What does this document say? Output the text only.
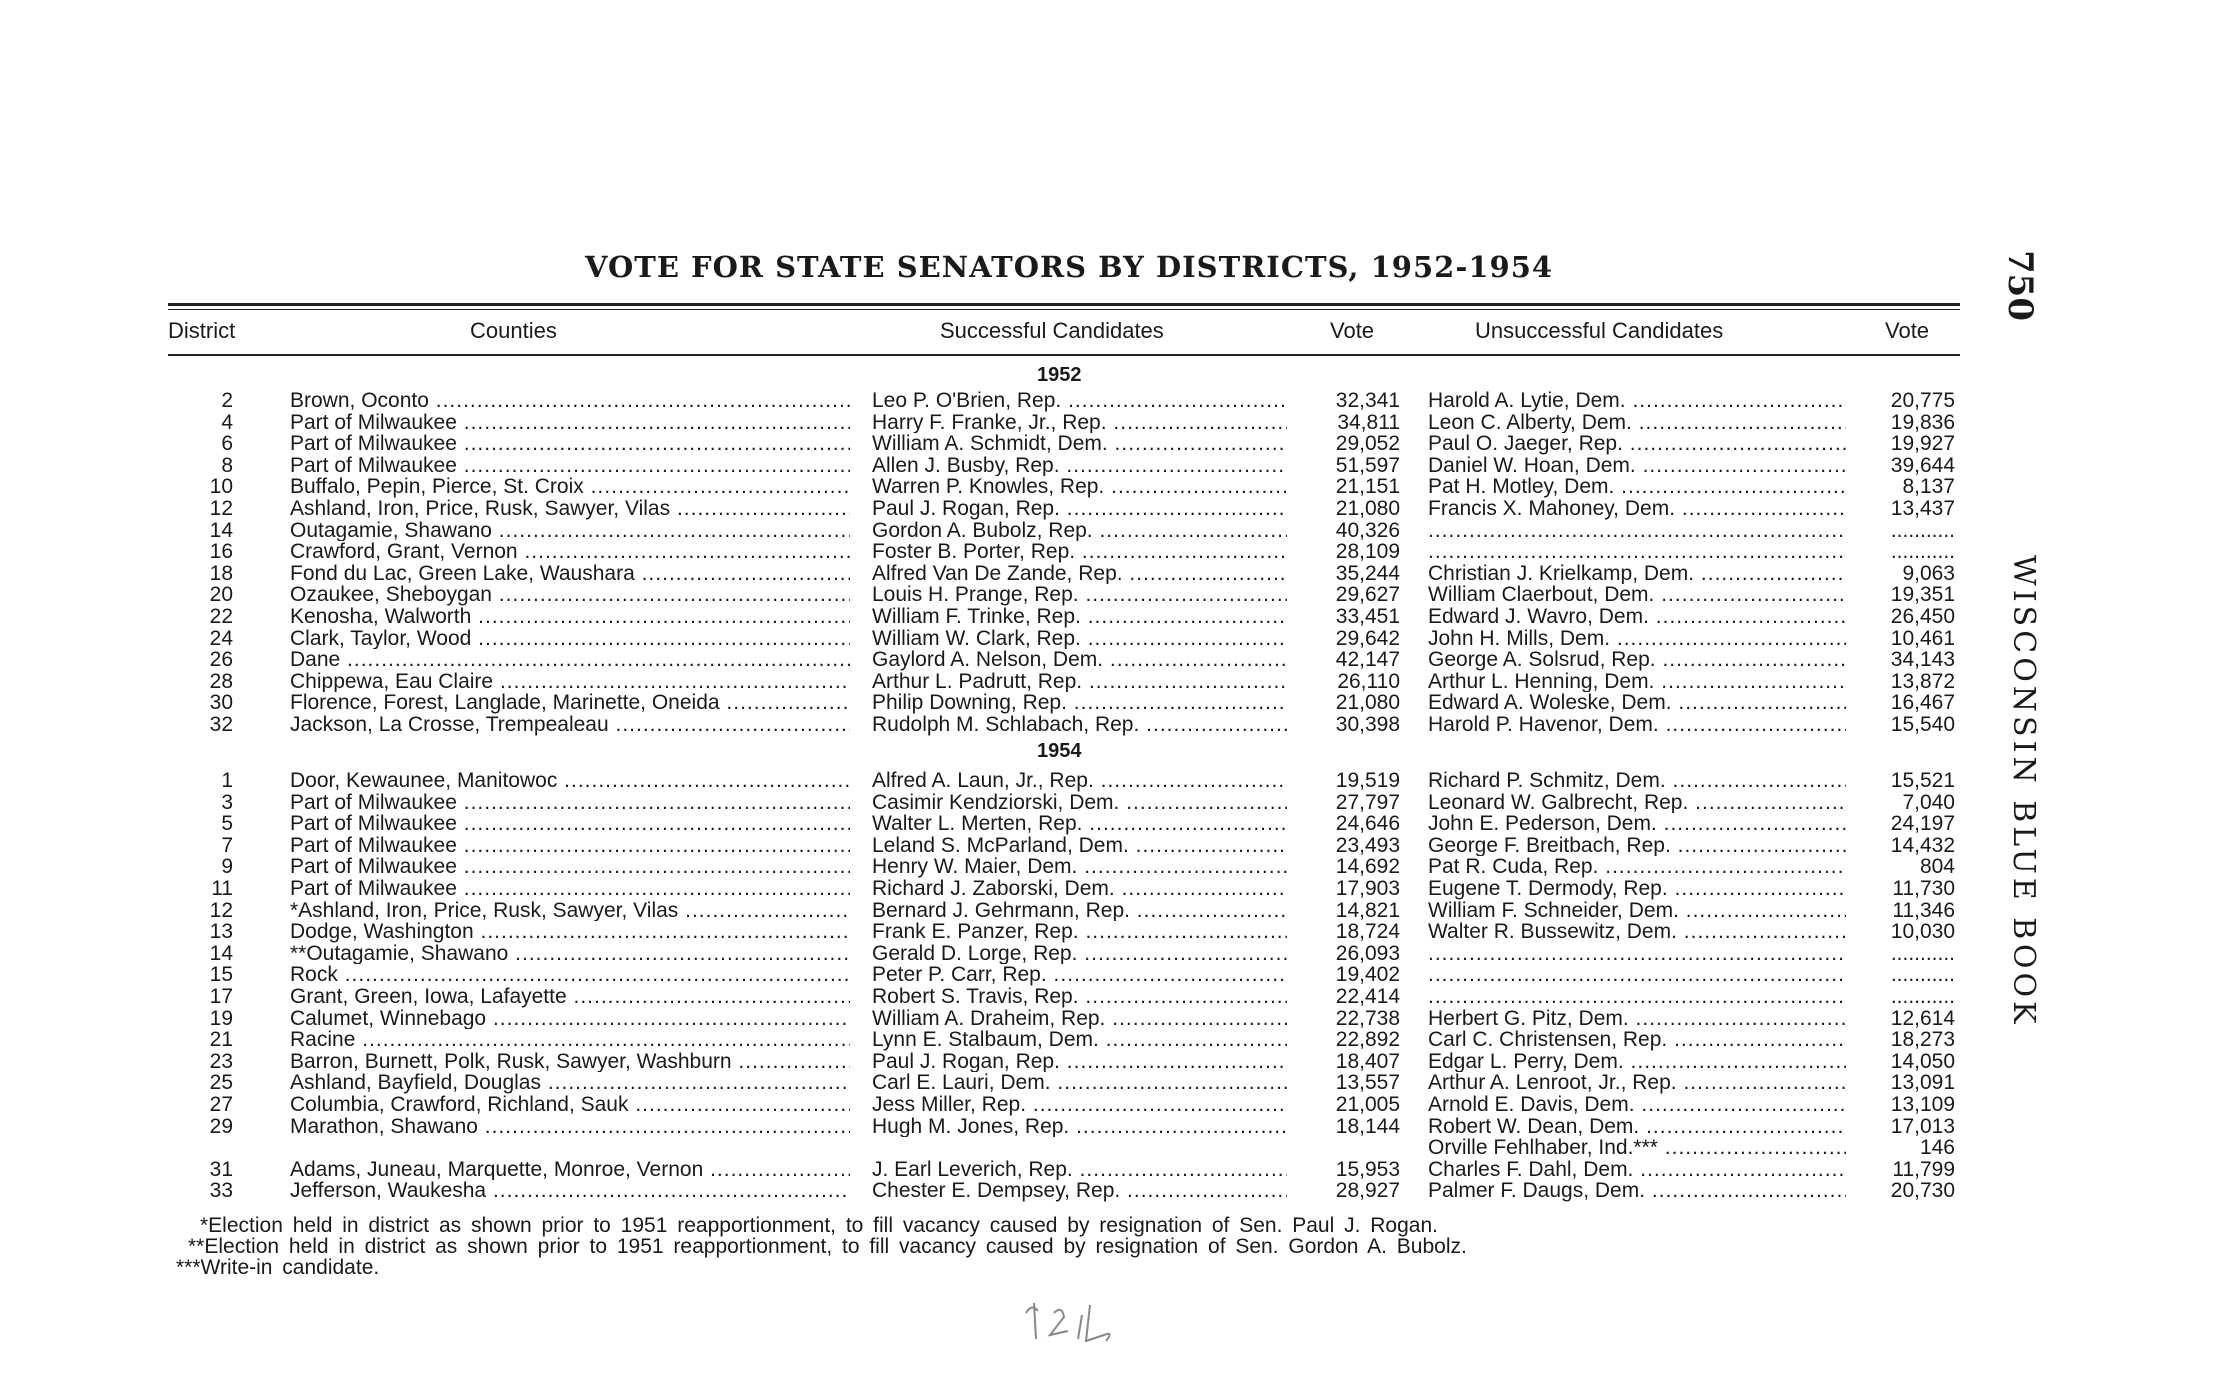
VOTE FOR STATE SENATORS BY DISTRICTS, 1952-1954	750
WISCONSIN BLUE BOOK
District	Counties	Successful Candidates	Vote	Unsuccessful Candidates	Vote
1952
2	Brown, Oconto .....	Leo P. O'Brien, Rep. .....	32,341 Harold A. Lytie, Dem. .....	20,775
4	Part of Milwaukee .....	Harry F. Franke, Jr., Rep. .....	34,811 Leon C. Alberty, Dem. .....	19,836
6	Part of Milwaukee .....	William A. Schmidt, Dem. .....	29,052 Paul O. Jaeger, Rep. .....	19,927
8	Part of Milwaukee .....	Allen J. Busby, Rep. .....	51,597 Daniel W. Hoan, Dem. .....	39,644
10	Buffalo, Pepin, Pierce, St. Croix .....	Warren P. Knowles, Rep. .....	21,151 Pat H. Motley, Dem. .....	8,137
12	Ashland, Iron, Price, Rusk, Sawyer, Vilas .....	Paul J. Rogan, Rep. .....	21,080 Francis X. Mahoney, Dem. .....	13,437
14	Outagamie, Shawano .....	Gordon A. Bubolz, Rep. .....	40,326 .....	...........
16	Crawford, Grant, Vernon .....	Foster B. Porter, Rep. .....	28,109 .....	...........
18	Fond du Lac, Green Lake, Waushara .....	Alfred Van De Zande, Rep. .....	35,244 Christian J. Krielkamp, Dem. .....	9,063
20	Ozaukee, Sheboygan .....	Louis H. Prange, Rep. .....	29,627 William Claerbout, Dem. .....	19,351
22	Kenosha, Walworth .....	William F. Trinke, Rep. .....	33,451 Edward J. Wavro, Dem. .....	26,450
24	Clark, Taylor, Wood .....	William W. Clark, Rep. .....	29,642 John H. Mills, Dem. .....	10,461
26	Dane .....	Gaylord A. Nelson, Dem. .....	42,147 George A. Solsrud, Rep. .....	34,143
28	Chippewa, Eau Claire .....	Arthur L. Padrutt, Rep. .....	26,110 Arthur L. Henning, Dem. .....	13,872
30	Florence, Forest, Langlade, Marinette, Oneida .....	Philip Downing, Rep. .....	21,080 Edward A. Woleske, Dem. .....	16,467
32	Jackson, La Crosse, Trempealeau .....	Rudolph M. Schlabach, Rep. .....	30,398 Harold P. Havenor, Dem. .....	15,540
1954
1	Door, Kewaunee, Manitowoc .....	Alfred A. Laun, Jr., Rep. .....	19,519 Richard P. Schmitz, Dem. .....	15,521
3	Part of Milwaukee .....	Casimir Kendziorski, Dem. .....	27,797 Leonard W. Galbrecht, Rep. .....	7,040
5	Part of Milwaukee .....	Walter L. Merten, Rep. .....	24,646 John E. Pederson, Dem. .....	24,197
7	Part of Milwaukee .....	Leland S. McParland, Dem. .....	23,493 George F. Breitbach, Rep. .....	14,432
9	Part of Milwaukee .....	Henry W. Maier, Dem. .....	14,692 Pat R. Cuda, Rep. .....	804
11	Part of Milwaukee .....	Richard J. Zaborski, Dem. .....	17,903 Eugene T. Dermody, Rep. .....	11,730
12	*Ashland, Iron, Price, Rusk, Sawyer, Vilas .....	Bernard J. Gehrmann, Rep. .....	14,821 William F. Schneider, Dem. .....	11,346
13	Dodge, Washington .....	Frank E. Panzer, Rep. .....	18,724 Walter R. Bussewitz, Dem. .....	10,030
14	**Outagamie, Shawano .....	Gerald D. Lorge, Rep. .....	26,093 .....	...........
15	Rock .....	Peter P. Carr, Rep. .....	19,402 .....	...........
17	Grant, Green, Iowa, Lafayette .....	Robert S. Travis, Rep. .....	22,414 .....	...........
19	Calumet, Winnebago .....	William A. Draheim, Rep. .....	22,738 Herbert G. Pitz, Dem. .....	12,614
21	Racine .....	Lynn E. Stalbaum, Dem. .....	22,892 Carl C. Christensen, Rep. .....	18,273
23	Barron, Burnett, Polk, Rusk, Sawyer, Washburn .....	Paul J. Rogan, Rep. .....	18,407 Edgar L. Perry, Dem. .....	14,050
25	Ashland, Bayfield, Douglas .....	Carl E. Lauri, Dem. .....	13,557 Arthur A. Lenroot, Jr., Rep. .....	13,091
27	Columbia, Crawford, Richland, Sauk .....	Jess Miller, Rep. .....	21,005 Arnold E. Davis, Dem. .....	13,109
29	Marathon, Shawano .....	Hugh M. Jones, Rep. .....	18,144 Robert W. Dean, Dem. .....	17,013
Orville Fehlhaber, Ind.*** .....	146
31	Adams, Juneau, Marquette, Monroe, Vernon .....	J. Earl Leverich, Rep. .....	15,953 Charles F. Dahl, Dem. .....	11,799
33	Jefferson, Waukesha .....	Chester E. Dempsey, Rep. .....	28,927 Palmer F. Daugs, Dem. .....	20,730
*Election held in district as shown prior to 1951 reapportionment, to fill vacancy caused by resignation of Sen. Paul J. Rogan.
**Election held in district as shown prior to 1951 reapportionment, to fill vacancy caused by resignation of Sen. Gordon A. Bubolz.
***Write-in candidate.
